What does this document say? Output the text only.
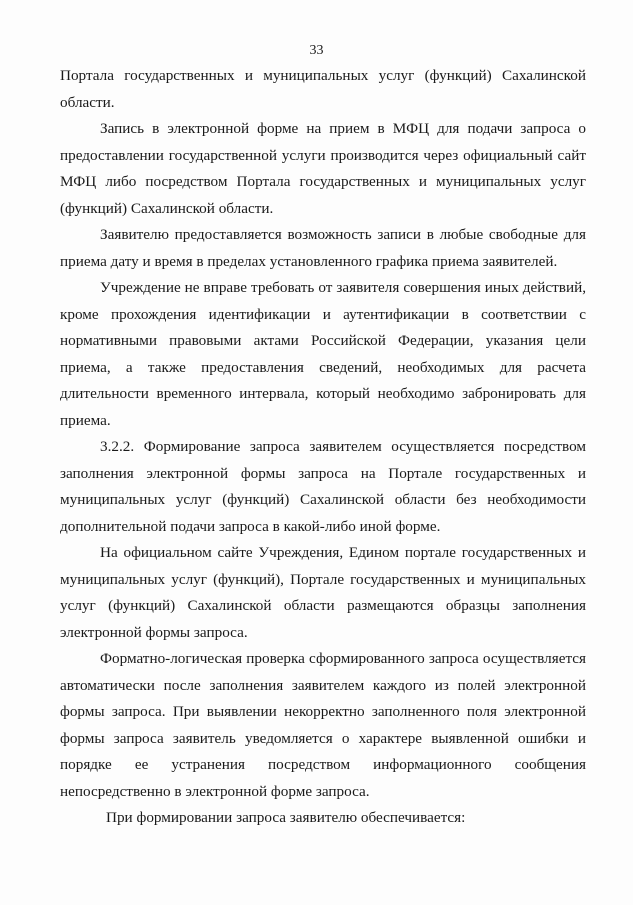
33

Портала государственных и муниципальных услуг (функций) Сахалинской области.

Запись в электронной форме на прием в МФЦ для подачи запроса о предоставлении государственной услуги производится через официальный сайт МФЦ либо посредством Портала государственных и муниципальных услуг (функций) Сахалинской области.

Заявителю предоставляется возможность записи в любые свободные для приема дату и время в пределах установленного графика приема заявителей.

Учреждение не вправе требовать от заявителя совершения иных действий, кроме прохождения идентификации и аутентификации в соответствии с нормативными правовыми актами Российской Федерации, указания цели приема, а также предоставления сведений, необходимых для расчета длительности временного интервала, который необходимо забронировать для приема.

3.2.2. Формирование запроса заявителем осуществляется посредством заполнения электронной формы запроса на Портале государственных и муниципальных услуг (функций) Сахалинской области без необходимости дополнительной подачи запроса в какой-либо иной форме.

На официальном сайте Учреждения, Едином портале государственных и муниципальных услуг (функций), Портале государственных и муниципальных услуг (функций) Сахалинской области размещаются образцы заполнения электронной формы запроса.

Форматно-логическая проверка сформированного запроса осуществляется автоматически после заполнения заявителем каждого из полей электронной формы запроса. При выявлении некорректно заполненного поля электронной формы запроса заявитель уведомляется о характере выявленной ошибки и порядке ее устранения посредством информационного сообщения непосредственно в электронной форме запроса.

При формировании запроса заявителю обеспечивается:
